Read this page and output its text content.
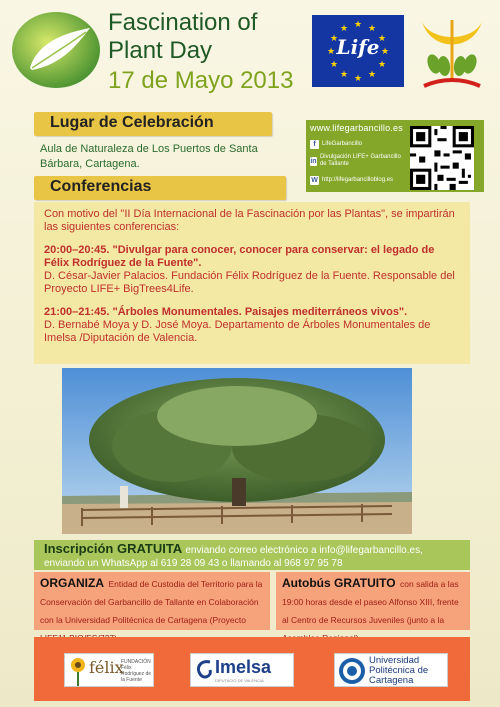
Fascination of
Plant Day
17 de Mayo 2013
★ ★
★
★
★
★
★
★
★
★
★
★
Life
Lugar de Celebración
Aula de Naturaleza de Los Puertos de Santa Bárbara, Cartagena.
www.lifegarbancillo.es
f	LifeGarbancillo
in
Divulgación LIFE+ Garbancillo de Tallante
W http://lifegarbancilloblog.es
Conferencias

Con motivo del "II Día Internacional de la Fascinación por las Plantas", se impartirán las siguientes conferencias:

20:00–20:45. "Divulgar para conocer, conocer para conservar: el legado de Félix Rodríguez de la Fuente".

D. César-Javier Palacios. Fundación Félix Rodríguez de la Fuente. Responsable del Proyecto LIFE+ BigTrees4Life.

21:00–21:45. "Árboles Monumentales. Paisajes mediterráneos vivos".

D. Bernabé Moya y D. José Moya. Departamento de Árboles Monumentales de Imelsa /Diputación de Valencia.

Inscripción GRATUITA enviando correo electrónico a info@lifegarbancillo.es,
enviando un WhatsApp al 619 28 09 43 o llamando al 968 97 95 78
ORGANIZA Entidad de Custodia del Territorio para la Conservación del Garbancillo de Tallante en Colaboración con la Universidad Politécnica de Cartagena (Proyecto
Autobús GRATUITO con salida a las 19:00 horas desde el paseo Alfonso XIII, frente al Centro de Recursos Juveniles (junto a la
félix
FUNDACIÓN Félix Rodríguez de la Fuente
Imelsa
DIPUTACIÓ DE VALÈNCIA
Universidad Politécnica de Cartagena
